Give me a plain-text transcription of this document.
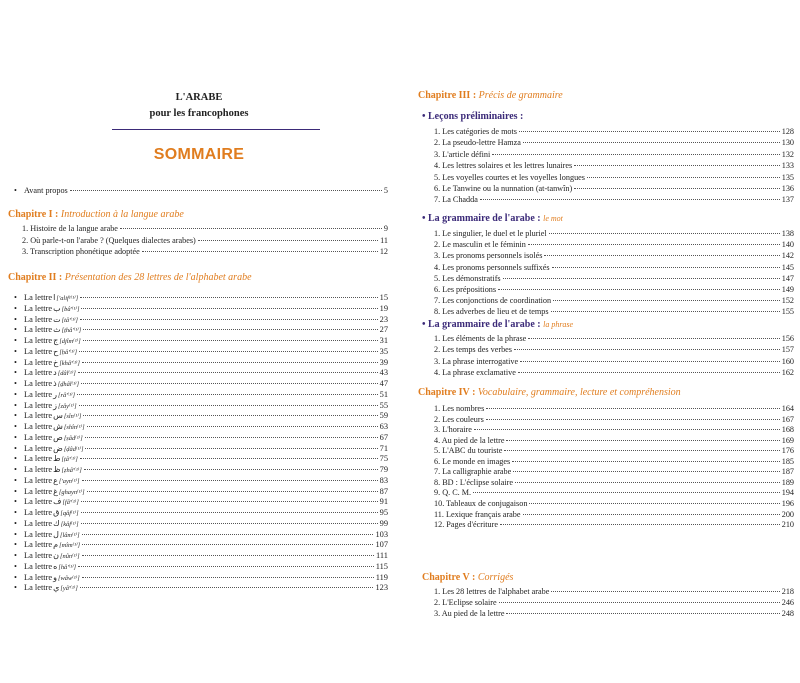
L'ARABE
pour les francophones
SOMMAIRE
• Avant propos	5
Chapitre I : Introduction à la langue arabe
1. Histoire de la langue arabe	9
2. Où parle-t-on l'arabe ? (Quelques dialectes arabes)	11
3. Transcription phonétique adoptée	12
Chapitre II : Présentation des 28 lettres de l'alphabet arabe
• La lettreا['alif¹⁽¹⁾]	15
• La lettreب[bâ'⁽¹⁾]	19
• La lettreت[tâ'⁽¹⁾]	23
• La lettreث[ṯhâ'⁽¹⁾]	27
• La lettreج[djîm⁽¹⁾]	31
• La lettreح[ḥâ'⁽¹⁾]	35
• La lettreخ[khâ'⁽¹⁾]	39
• La lettreد[dâl⁽¹⁾]	43
• La lettreذ[ḏhâl⁽¹⁾]	47
• La lettreر[râ'⁽¹⁾]	51
• La lettreز[zây⁽¹⁾]	55
• La lettreس[sîn⁽¹⁾]	59
• La lettreش[shîn⁽¹⁾]	63
• La lettreص[ṣâd⁽¹⁾]	67
• La lettreض[ḍâd⁽¹⁾]	71
• La lettreط[ṭâ'⁽¹⁾]	75
• La lettreظ[ẓhâ'⁽¹⁾]	79
• La lettreع['ayn⁽¹⁾]	83
• La lettreغ[ghayn⁽¹⁾]	87
• La lettreف[fâ'⁽¹⁾]	91
• La lettreق[qâf⁽¹⁾]	95
• La lettreك[kâf⁽¹⁾]	99
• La lettreل[lâm⁽¹⁾]	103
• La lettreم[mîm⁽¹⁾]	107
• La lettreن[nûn⁽¹⁾]	111
• La lettreه[hâ'⁽¹⁾]	115
• La lettreو[wâw⁽¹⁾]	119
• La lettreي[yâ'⁽¹⁾]	123
Chapitre III : Précis de grammaire
• Leçons préliminaires :
1. Les catégories de mots	128
2. La pseudo-lettre Hamza	130
3. L'article défini	132
4. Les lettres solaires et les lettres lunaires	133
5. Les voyelles courtes et les voyelles longues	135
6. Le Tanwine ou la nunnation (at-tanwîn)	136
7. La Chadda	137
• La grammaire de l'arabe : le mot
1. Le singulier, le duel et le pluriel	138
2. Le masculin et le féminin	140
3. Les pronoms personnels isolés	142
4. Les pronoms personnels suffixés	145
5. Les démonstratifs	147
6. Les prépositions	149
7. Les conjonctions de coordination	152
8. Les adverbes de lieu et de temps	155
• La grammaire de l'arabe : la phrase
1. Les éléments de la phrase	156
2. Les temps des verbes	157
3. La phrase interrogative	160
4. La phrase exclamative	162
Chapitre IV : Vocabulaire, grammaire, lecture et compréhension
1. Les nombres	164
2. Les couleurs	167
3. L'horaire	168
4. Au pied de la lettre	169
5. L'ABC du touriste	176
6. Le monde en images	185
7. La calligraphie arabe	187
8. BD : L'éclipse solaire	189
9. Q. C. M.	194
10. Tableaux de conjugaison	196
11. Lexique français arabe	200
12. Pages d'écriture	210
Chapitre V : Corrigés
1. Les 28 lettres de l'alphabet arabe	218
2. L'Eclipse solaire	246
3. Au pied de la lettre	248
